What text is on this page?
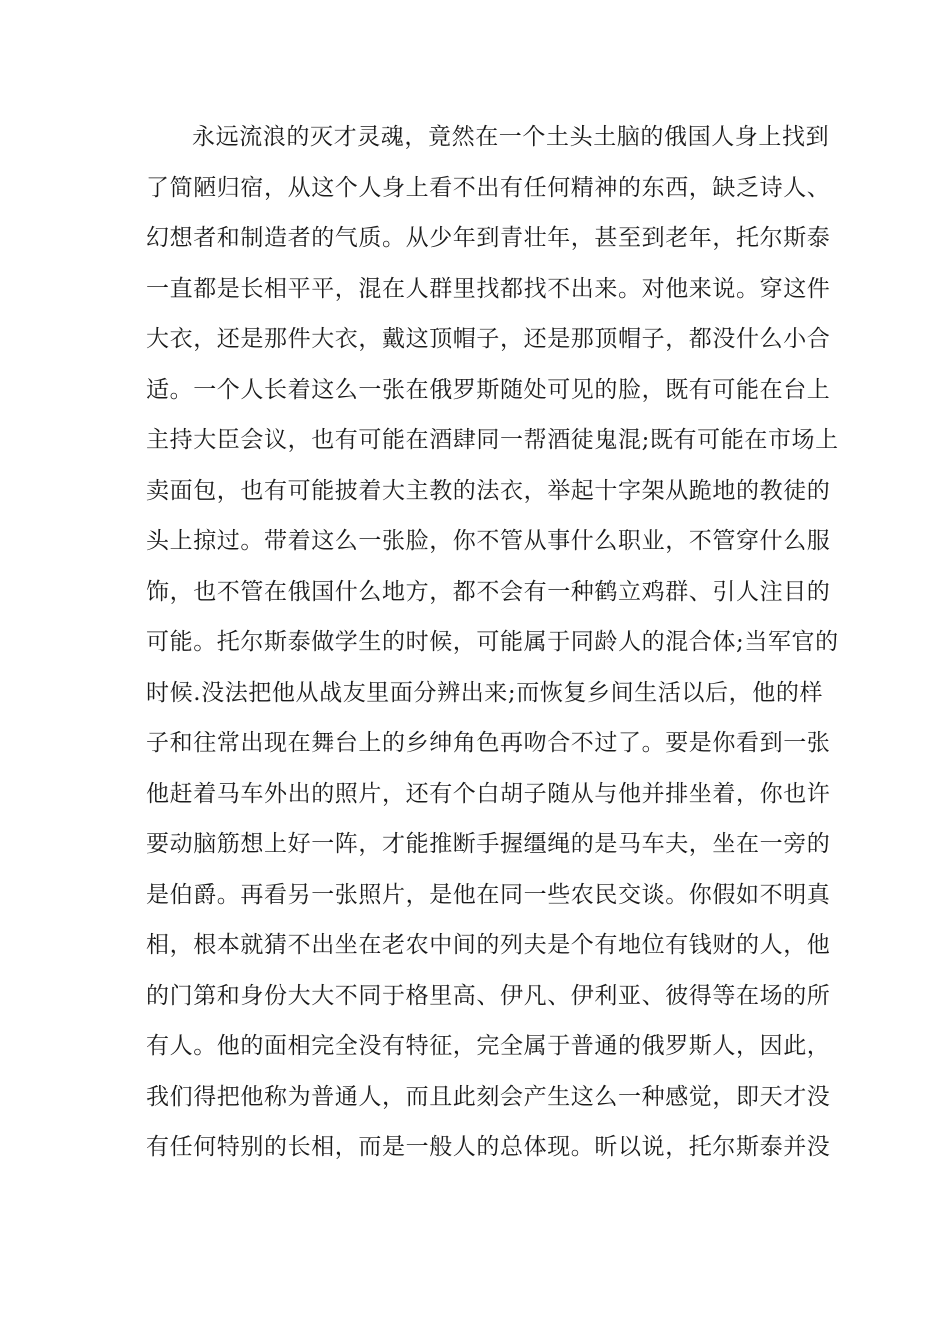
永远流浪的灭才灵魂，竟然在一个土头土脑的俄国人身上找到
了简陋归宿，从这个人身上看不出有任何精神的东西，缺乏诗人、
幻想者和制造者的气质。从少年到青壮年，甚至到老年，托尔斯泰
一直都是长相平平，混在人群里找都找不出来。对他来说。穿这件
大衣，还是那件大衣，戴这顶帽子，还是那顶帽子，都没什么小合
适。一个人长着这么一张在俄罗斯随处可见的脸，既有可能在台上
主持大臣会议，也有可能在酒肆同一帮酒徒鬼混;既有可能在市场上
卖面包，也有可能披着大主教的法衣，举起十字架从跪地的教徒的
头上掠过。带着这么一张脸，你不管从事什么职业，不管穿什么服
饰，也不管在俄国什么地方，都不会有一种鹤立鸡群、引人注目的
可能。托尔斯泰做学生的时候，可能属于同龄人的混合体;当军官的
时候.没法把他从战友里面分辨出来;而恢复乡间生活以后，他的样
子和往常出现在舞台上的乡绅角色再吻合不过了。要是你看到一张
他赶着马车外出的照片，还有个白胡子随从与他并排坐着，你也许
要动脑筋想上好一阵，才能推断手握缰绳的是马车夫，坐在一旁的
是伯爵。再看另一张照片，是他在同一些农民交谈。你假如不明真
相，根本就猜不出坐在老农中间的列夫是个有地位有钱财的人，他
的门第和身份大大不同于格里高、伊凡、伊利亚、彼得等在场的所
有人。他的面相完全没有特征，完全属于普通的俄罗斯人，因此，
我们得把他称为普通人，而且此刻会产生这么一种感觉，即天才没
有任何特别的长相，而是一般人的总体现。昕以说，托尔斯泰并没
